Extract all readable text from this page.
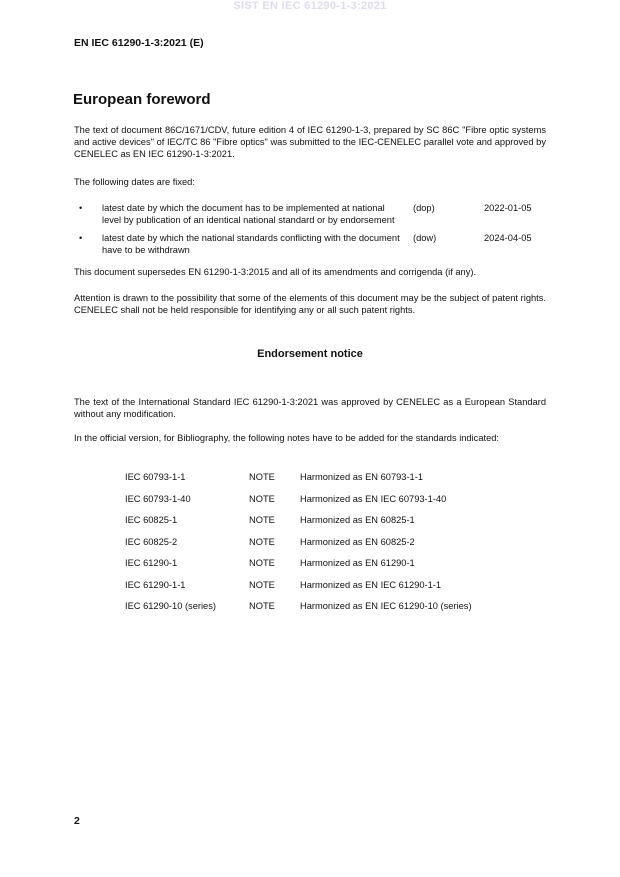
SIST EN IEC 61290-1-3:2021
EN IEC 61290-1-3:2021 (E)
European foreword

The text of document 86C/1671/CDV, future edition 4 of IEC 61290-1-3, prepared by SC 86C "Fibre optic systems and active devices" of IEC/TC 86 "Fibre optics" was submitted to the IEC-CENELEC parallel vote and approved by CENELEC as EN IEC 61290-1-3:2021.

The following dates are fixed:

• latest date by which the document has to be implemented at national level by publication of an identical national standard or by endorsement
(dop)	2022-01-05
• latest date by which the national standards conflicting with the document have to be withdrawn
(dow)	2024-04-05

This document supersedes EN 61290-1-3:2015 and all of its amendments and corrigenda (if any).

Attention is drawn to the possibility that some of the elements of this document may be the subject of patent rights. CENELEC shall not be held responsible for identifying any or all such patent rights.

Endorsement notice

The text of the International Standard IEC 61290-1-3:2021 was approved by CENELEC as a European Standard without any modification.

In the official version, for Bibliography, the following notes have to be added for the standards indicated:

IEC 60793-1-1	NOTE	Harmonized as EN 60793-1-1
IEC 60793-1-40	NOTE	Harmonized as EN IEC 60793-1-40
IEC 60825-1	NOTE	Harmonized as EN 60825-1
IEC 60825-2	NOTE	Harmonized as EN 60825-2
IEC 61290-1	NOTE	Harmonized as EN 61290-1
IEC 61290-1-1	NOTE	Harmonized as EN IEC 61290-1-1
IEC 61290-10 (series)	NOTE	Harmonized as EN IEC 61290-10 (series)
2
